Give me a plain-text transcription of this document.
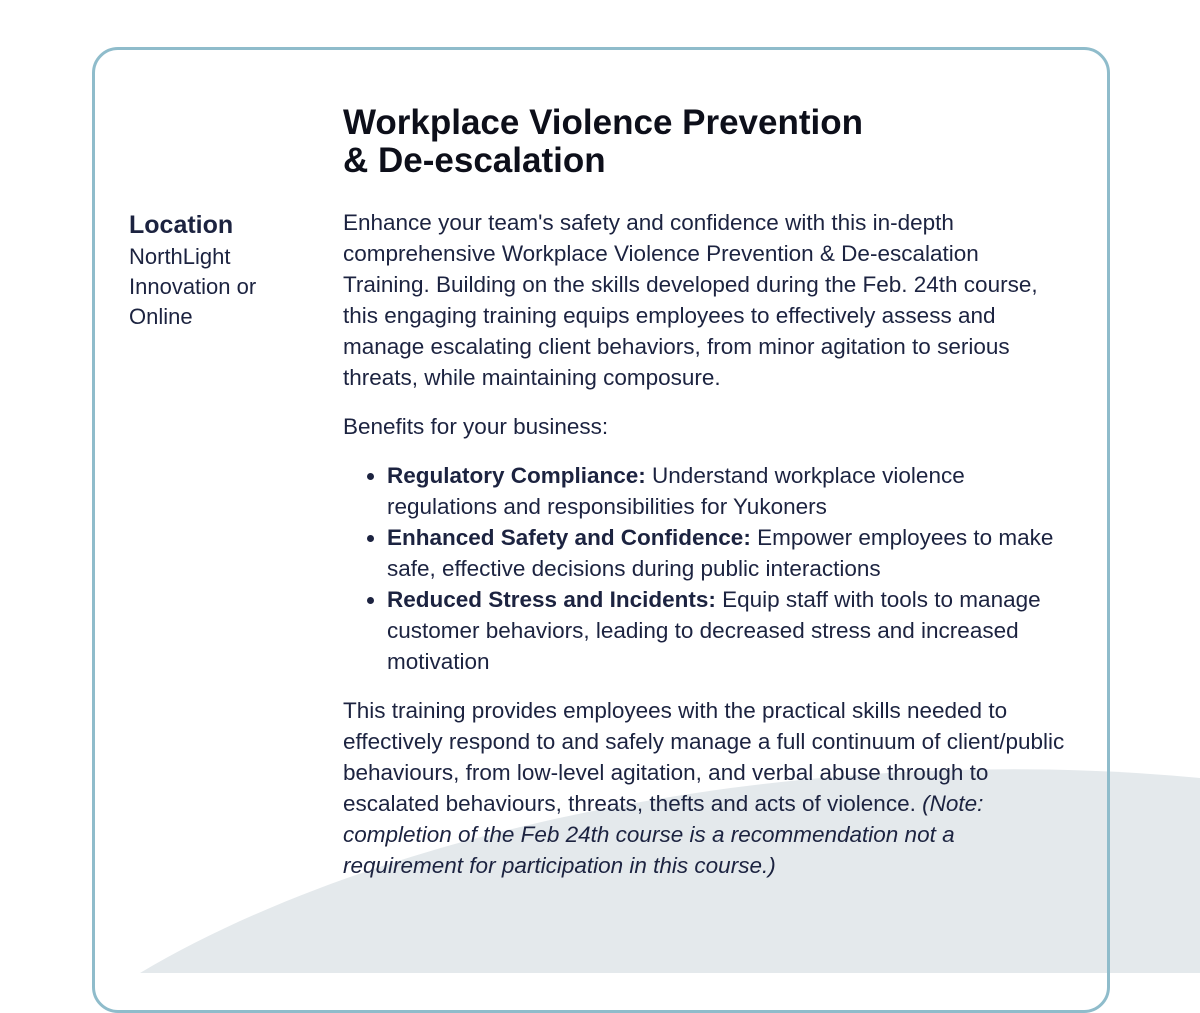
Location
NorthLight Innovation or Online
Workplace Violence Prevention
& De-escalation

Enhance your team's safety and confidence with this in-depth comprehensive Workplace Violence Prevention & De-escalation Training. Building on the skills developed during the Feb. 24th course, this engaging training equips employees to effectively assess and manage escalating client behaviors, from minor agitation to serious threats, while maintaining composure.

Benefits for your business:

• Regulatory Compliance: Understand workplace violence regulations and responsibilities for Yukoners
• Enhanced Safety and Confidence: Empower employees to make safe, effective decisions during public interactions
• Reduced Stress and Incidents: Equip staff with tools to manage customer behaviors, leading to decreased stress and increased motivation

This training provides employees with the practical skills needed to effectively respond to and safely manage a full continuum of client/public behaviours, from low-level agitation, and verbal abuse through to escalated behaviours, threats, thefts and acts of violence. (Note: completion of the Feb 24th course is a recommendation not a requirement for participation in this course.)
